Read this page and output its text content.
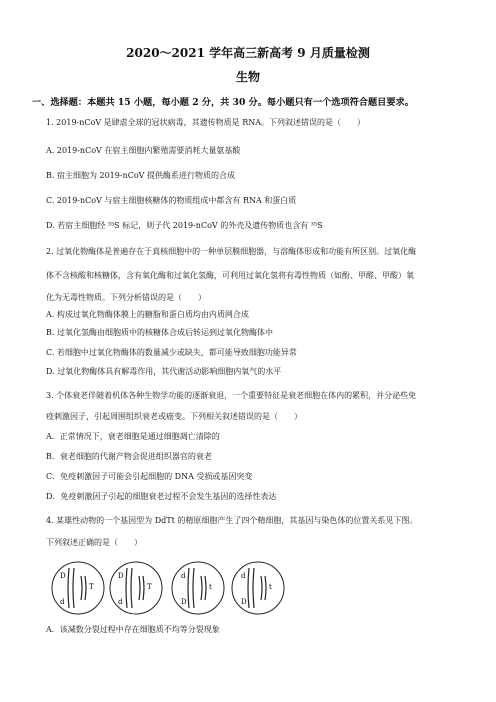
2020～2021 学年高三新高考 9 月质量检测
生物
一、选择题：本题共 15 小题，每小题 2 分，共 30 分。每小题只有一个选项符合题目要求。
1. 2019-nCoV 是肆虐全球的冠状病毒，其遗传物质是 RNA。下列叙述错误的是（　　）
A. 2019-nCoV 在宿主细胞内繁殖需要消耗大量氨基酸
B. 宿主细胞为 2019-nCoV 提供酶系进行物质的合成
C. 2019-nCoV 与宿主细胞核糖体的物质组成中都含有 RNA 和蛋白质
D. 若宿主细胞经 ³⁵S 标记，则子代 2019-nCoV 的外壳及遗传物质也含有 ³⁵S
2. 过氧化物酶体是普遍存在于真核细胞中的一种单层膜细胞器，与溶酶体形成和功能有所区别。过氧化酶
体不含核酸和核糖体，含有氧化酶和过氧化氢酶，可利用过氧化氢将有毒性物质（如酚、甲醛、甲酸）氧
化为无毒性物质。下列分析错误的是（　　）
A. 构成过氧化物酶体膜上的糖脂和蛋白质均由内质网合成
B. 过氧化氢酶由细胞质中的核糖体合成后转运到过氧化物酶体中
C. 若细胞中过氧化物酶体的数量减少或缺失，都可能导致细胞功能异常
D. 过氧化物酶体具有解毒作用，其代谢活动影响细胞内氧气的水平
3. 个体衰老伴随着机体各种生物学功能的逐渐衰退，一个重要特征是衰老细胞在体内的累积，并分泌些免
疫刺激因子，引起周围组织衰老或癌变。下列相关叙述错误的是（　　）
A．正常情况下，衰老细胞是通过细胞凋亡清除的
B．衰老细胞的代谢产物会促进组织器官的衰老
C．免疫刺激因子可能会引起细胞的 DNA 受损或基因突变
D．免疫刺激因子引起的细胞衰老过程不会发生基因的选择性表达
4. 某雄性动物的一个基因型为 DdTt 的精原细胞产生了四个精细胞，其基因与染色体的位置关系见下图。
下列叙述正确的是（　　）
D
T
d
D
T
d
d
t
D
d
t
D
A．该减数分裂过程中存在细胞质不均等分裂现象
